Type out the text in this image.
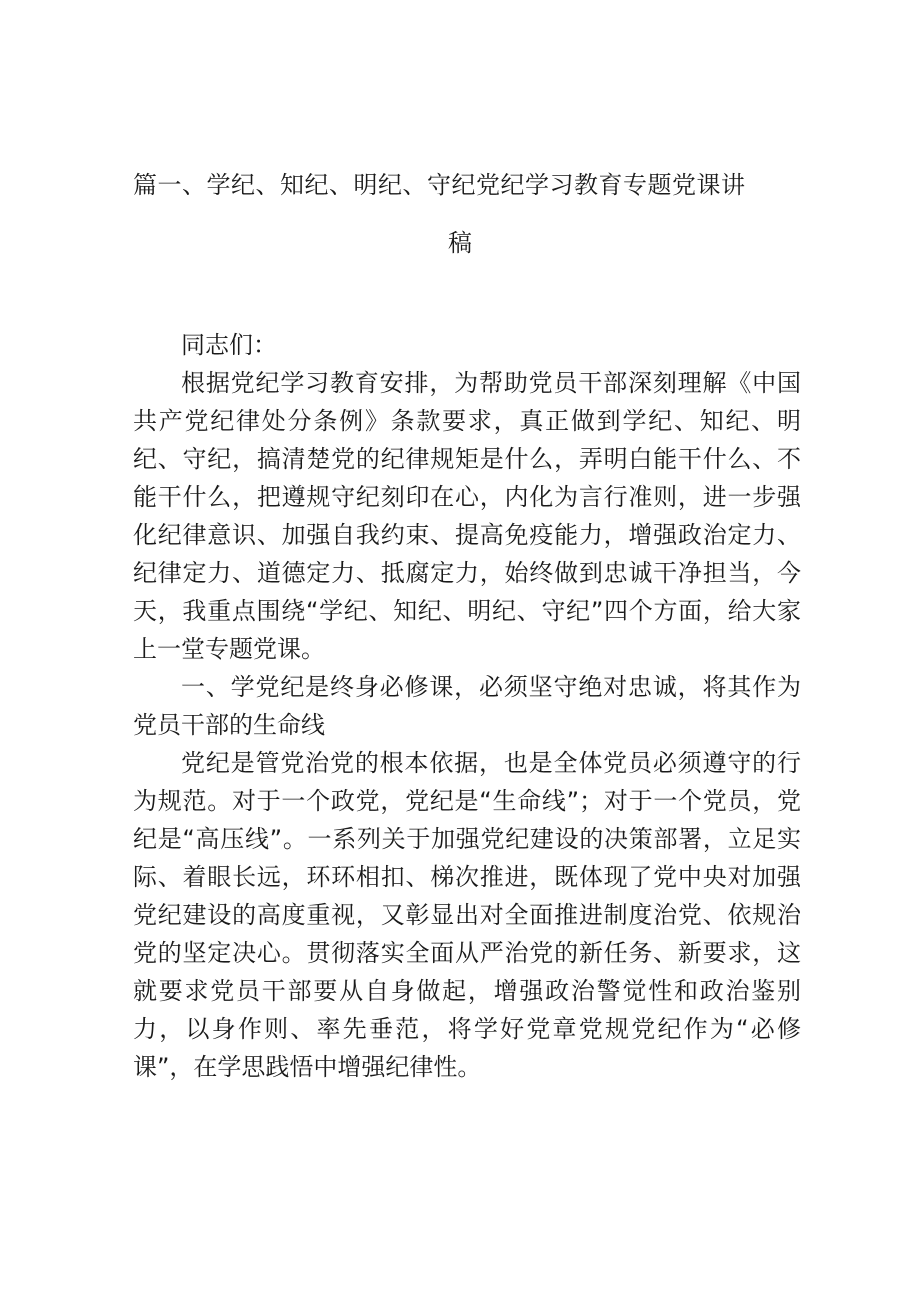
篇一、学纪、知纪、明纪、守纪党纪学习教育专题党课讲
稿

同志们：

根据党纪学习教育安排，为帮助党员干部深刻理解《中国共产党纪律处分条例》条款要求，真正做到学纪、知纪、明纪、守纪，搞清楚党的纪律规矩是什么，弄明白能干什么、不能干什么，把遵规守纪刻印在心，内化为言行准则，进一步强化纪律意识、加强自我约束、提高免疫能力，增强政治定力、纪律定力、道德定力、抵腐定力，始终做到忠诚干净担当，今天，我重点围绕“学纪、知纪、明纪、守纪”四个方面，给大家上一堂专题党课。

一、学党纪是终身必修课，必须坚守绝对忠诚，将其作为党员干部的生命线

党纪是管党治党的根本依据，也是全体党员必须遵守的行为规范。对于一个政党，党纪是“生命线”；对于一个党员，党纪是“高压线”。一系列关于加强党纪建设的决策部署，立足实际、着眼长远，环环相扣、梯次推进，既体现了党中央对加强党纪建设的高度重视，又彰显出对全面推进制度治党、依规治党的坚定决心。贯彻落实全面从严治党的新任务、新要求，这就要求党员干部要从自身做起，增强政治警觉性和政治鉴别力，以身作则、率先垂范，将学好党章党规党纪作为“必修课”，在学思践悟中增强纪律性。
